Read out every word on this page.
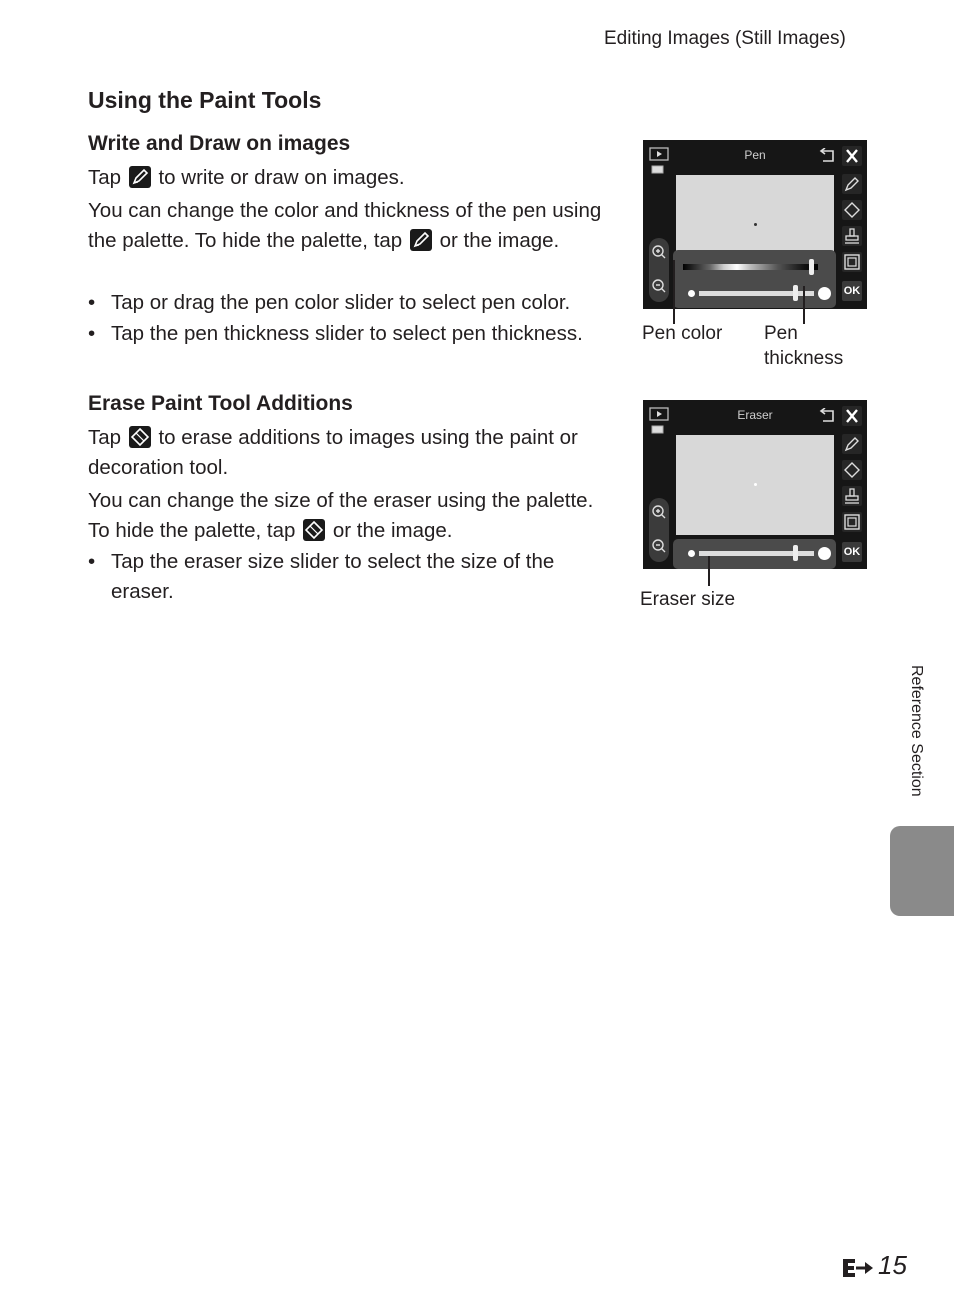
Editing Images (Still Images)
Using the Paint Tools
Write and Draw on images
Tap to write or draw on images.
You can change the color and thickness of the pen using the palette. To hide the palette, tap or the image.
• Tap or drag the pen color slider to select pen color.
• Tap the pen thickness slider to select pen thickness.
Erase Paint Tool Additions
Tap to erase additions to images using the paint or decoration tool.
You can change the size of the eraser using the palette. To hide the palette, tap or the image.
• Tap the eraser size slider to select the size of the eraser.
Pen
OK
Pen color Pen thickness
Eraser
OK
Eraser size
Reference Section
15
